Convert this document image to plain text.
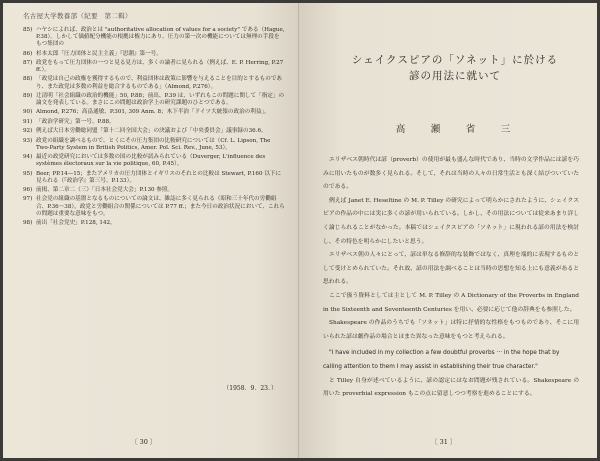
名古屋大学教養部（紀要　第二輯）
85) ハヤシによれば、政治とは "authoritative allocation of values for a society" である（Hague, P.38）。しかして価値配分機能の根拠は権力にあり、圧力の第一次の機能については無理の手段をもつ集団の
86) 杉本太郎「圧力団体と民主主義」『思潮』第一号。
87) 政党をもって圧力団体の一つと見る見方は、多くの論者に見られる（例えば、E. P. Herring, P.27 ff.）。
88) 「政党は自己の政権を獲得するもので、利益団体は政策に影響を与えることを目的とするものであり、また政党は多数の利益を総合するものである」（Almond, P.276）。
89) 辻清明「社会組織の政治的機能」50, P.88；前出、P.39 は、いずれもこの問題に関して「指定」の論文を発表している。まさにこの問題は政治学上の研究課題のひとつである。
90) Almond, P.276；高畠通敏、P.301, 309 Anm. 8；木下半治「ドイツ大統領の政治の利益」。
91) 「政治学研究」第一号、P.88。
92) 例えば大日本労働総同盟「第十二回全国大会」の決議および「中央委員会」議事録の36.6。
93) 政党の組織を調べるもので、とくにその圧力集団の比較研究については（Cf. L. Lipson, The Two-Party System in British Politics, Amer. Pol. Sci. Rev., June, 53）。
94) 最近の政党研究においては多数の国の比較が試みられている（Duverger, L'influence des systèmes électoraux sur la vie politique, 60, P.45）。
95) Beer, PP.14—15；またアメリカの圧力団体とイギリスのそれとの比較は Stewart, P.160 以下に見られる（『政治学』第三号、P.133）。
96) 前掲、第二章二（三）「日本社会党大会」P.130 参照。
97) 社会党の組織の基盤となるものについての論文は、雑誌に多く見られる（昭和三十年代の労働組合、P.36〜38）。政党と労働組合の関係については P.77 ff.；また今日の政治状況において、これらの問題は重要な意味をもつ。
98) 前出「社会党史」P.128, 142。
（1958．9．23．）
〔 30 〕
シェイクスピアの「ソネット」に於ける
諺の用法に就いて
高　瀬　省　三

エリザベス朝時代は諺（proverb）の使用が最も盛んな時代であり、当時の文学作品には諺を巧みに用いたものが数多く見られる。そして、それは当時の人々の日常生活とも深く結びついていたのである。

例えば Janet E. Heseltine の M. P. Tilley の研究によって明らかにされたように、シェイクスピアの作品の中には実に多くの諺が用いられている。しかし、その用法については従来あまり詳しく論じられることがなかった。本稿ではシェイクスピアの「ソネット」に現われる諺の用法を検討し、その特色を明らかにしたいと思う。

エリザベス朝の人々にとって、諺は単なる修辞的な装飾ではなく、真理を端的に表現するものとして受けとめられていた。それ故、諺の用法を調べることは当時の思想を知る上にも意義があると思われる。

ここで扱う資料としては主として M. P. Tilley の A Dictionary of the Proverbs in England in the Sixteenth and Seventeenth Centuries を用い、必要に応じて他の辞典をも参照した。

Shakespeare の作品のうちでも「ソネット」は特に抒情的な性格をもつものであり、そこに用いられた諺は劇作品の場合とはまた異なった意味をもつと考えられる。

"I have included in my collection a few doubtful proverbs ··· in the hope that by calling attention to them I may assist in establishing their true character."

と Tilley 自身が述べているように、諺の認定にはなお問題が残されている。Shakespeare の用いた proverbial expression もこの点に留意しつつ考察を進めることにする。

〔 31 〕
